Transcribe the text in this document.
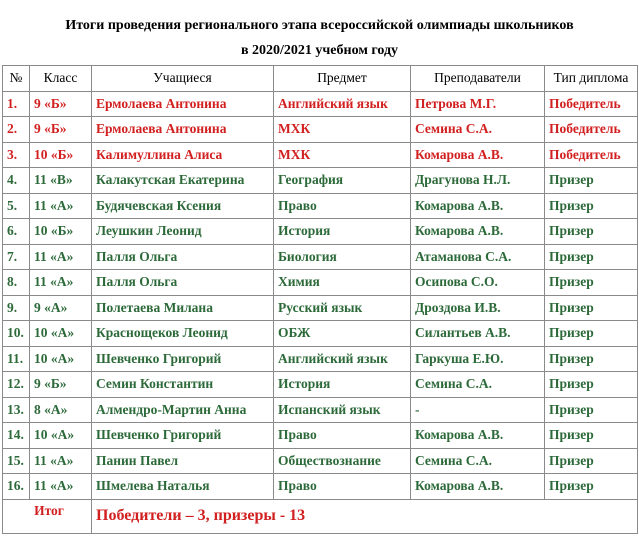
Итоги проведения регионального этапа всероссийской олимпиады школьников
в 2020/2021 учебном году
№	Класс	Учащиеся	Предмет	Преподаватели	Тип диплома
1.	9 «Б»	Ермолаева Антонина	Английский язык	Петрова М.Г.	Победитель
2.	9 «Б»	Ермолаева Антонина	МХК	Семина С.А.	Победитель
3.	10 «Б»	Калимуллина Алиса	МХК	Комарова А.В.	Победитель
4.	11 «В»	Калакутская Екатерина	География	Драгунова Н.Л.	Призер
5.	11 «А»	Будячевская Ксения	Право	Комарова А.В.	Призер
6.	10 «Б»	Леушкин Леонид	История	Комарова А.В.	Призер
7.	11 «А»	Палля Ольга	Биология	Атаманова С.А.	Призер
8.	11 «А»	Палля Ольга	Химия	Осипова С.О.	Призер
9.	9 «А»	Полетаева Милана	Русский язык	Дроздова И.В.	Призер
10.	10 «А»	Краснощеков Леонид	ОБЖ	Силантьев А.В.	Призер
11.	10 «А»	Шевченко Григорий	Английский язык	Гаркуша Е.Ю.	Призер
12.	9 «Б»	Семин Константин	История	Семина С.А.	Призер
13.	8 «А»	Алмендро-Мартин Анна	Испанский язык	-	Призер
14.	10 «А»	Шевченко Григорий	Право	Комарова А.В.	Призер
15.	11 «А»	Панин Павел	Обществознание	Семина С.А.	Призер
16.	11 «А»	Шмелева Наталья	Право	Комарова А.В.	Призер
Итог		Победители – 3, призеры - 13			
